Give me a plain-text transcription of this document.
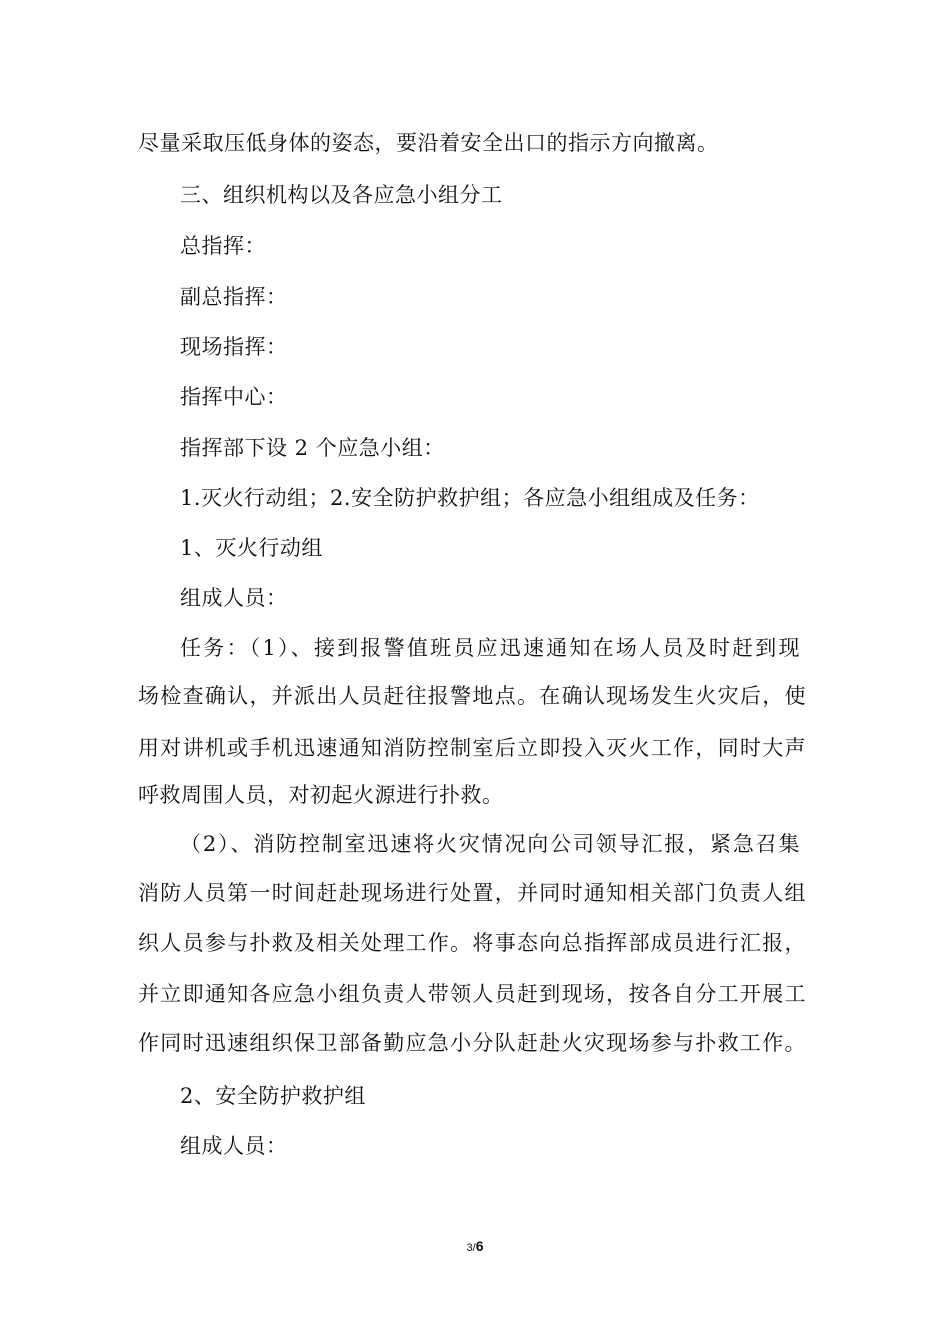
尽量采取压低身体的姿态，要沿着安全出口的指示方向撤离。
三、组织机构以及各应急小组分工
总指挥：
副总指挥：
现场指挥：
指挥中心：
指挥部下设 2 个应急小组：
1.灭火行动组；2.安全防护救护组；各应急小组组成及任务：
1、灭火行动组
组成人员：
任务：（1）、接到报警值班员应迅速通知在场人员及时赶到现
场检查确认，并派出人员赶往报警地点。在确认现场发生火灾后，使
用对讲机或手机迅速通知消防控制室后立即投入灭火工作，同时大声
呼救周围人员，对初起火源进行扑救。
（2）、消防控制室迅速将火灾情况向公司领导汇报，紧急召集
消防人员第一时间赶赴现场进行处置，并同时通知相关部门负责人组
织人员参与扑救及相关处理工作。将事态向总指挥部成员进行汇报，
并立即通知各应急小组负责人带领人员赶到现场，按各自分工开展工
作同时迅速组织保卫部备勤应急小分队赶赴火灾现场参与扑救工作。
2、安全防护救护组
组成人员：
3/6
